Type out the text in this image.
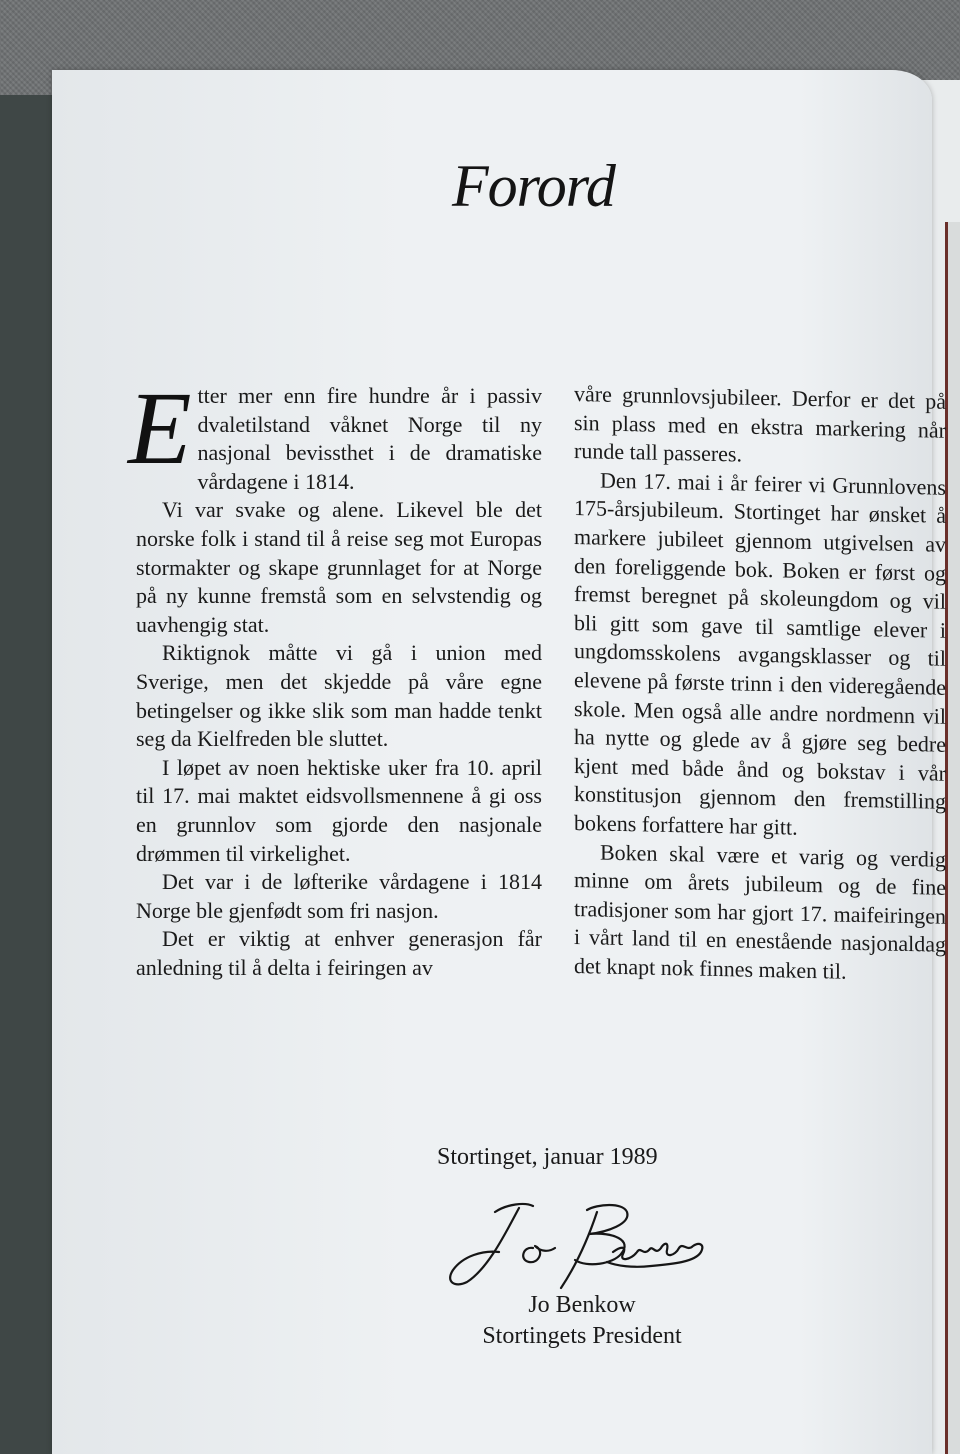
Forord

Etter mer enn fire hundre år i passiv dvaletilstand våknet Norge til ny nasjonal bevissthet i de dramatiske vårdagene i 1814.

Vi var svake og alene. Likevel ble det norske folk i stand til å reise seg mot Europas stormakter og skape grunnlaget for at Norge på ny kunne fremstå som en selvstendig og uavhengig stat.

Riktignok måtte vi gå i union med Sverige, men det skjedde på våre egne betingelser og ikke slik som man hadde tenkt seg da Kielfreden ble sluttet.

I løpet av noen hektiske uker fra 10. april til 17. mai maktet eidsvollsmennene å gi oss en grunnlov som gjorde den nasjonale drømmen til virkelighet.

Det var i de løfterike vårdagene i 1814 Norge ble gjenfødt som fri nasjon.

Det er viktig at enhver generasjon får anledning til å delta i feiringen av

våre grunnlovsjubileer. Derfor er det på sin plass med en ekstra markering når runde tall passeres.

Den 17. mai i år feirer vi Grunnlovens 175-årsjubileum. Stortinget har ønsket å markere jubileet gjennom utgivelsen av den foreliggende bok. Boken er først og fremst beregnet på skoleungdom og vil bli gitt som gave til samtlige elever i ungdomsskolens avgangsklasser og til elevene på første trinn i den videregående skole. Men også alle andre nordmenn vil ha nytte og glede av å gjøre seg bedre kjent med både ånd og bokstav i vår konstitusjon gjennom den fremstilling bokens forfattere har gitt.

Boken skal være et varig og verdig minne om årets jubileum og de fine tradisjoner som har gjort 17. maifeiringen i vårt land til en enestående nasjonaldag det knapt nok finnes maken til.

Stortinget, januar 1989

Jo Benkow
Stortingets President
